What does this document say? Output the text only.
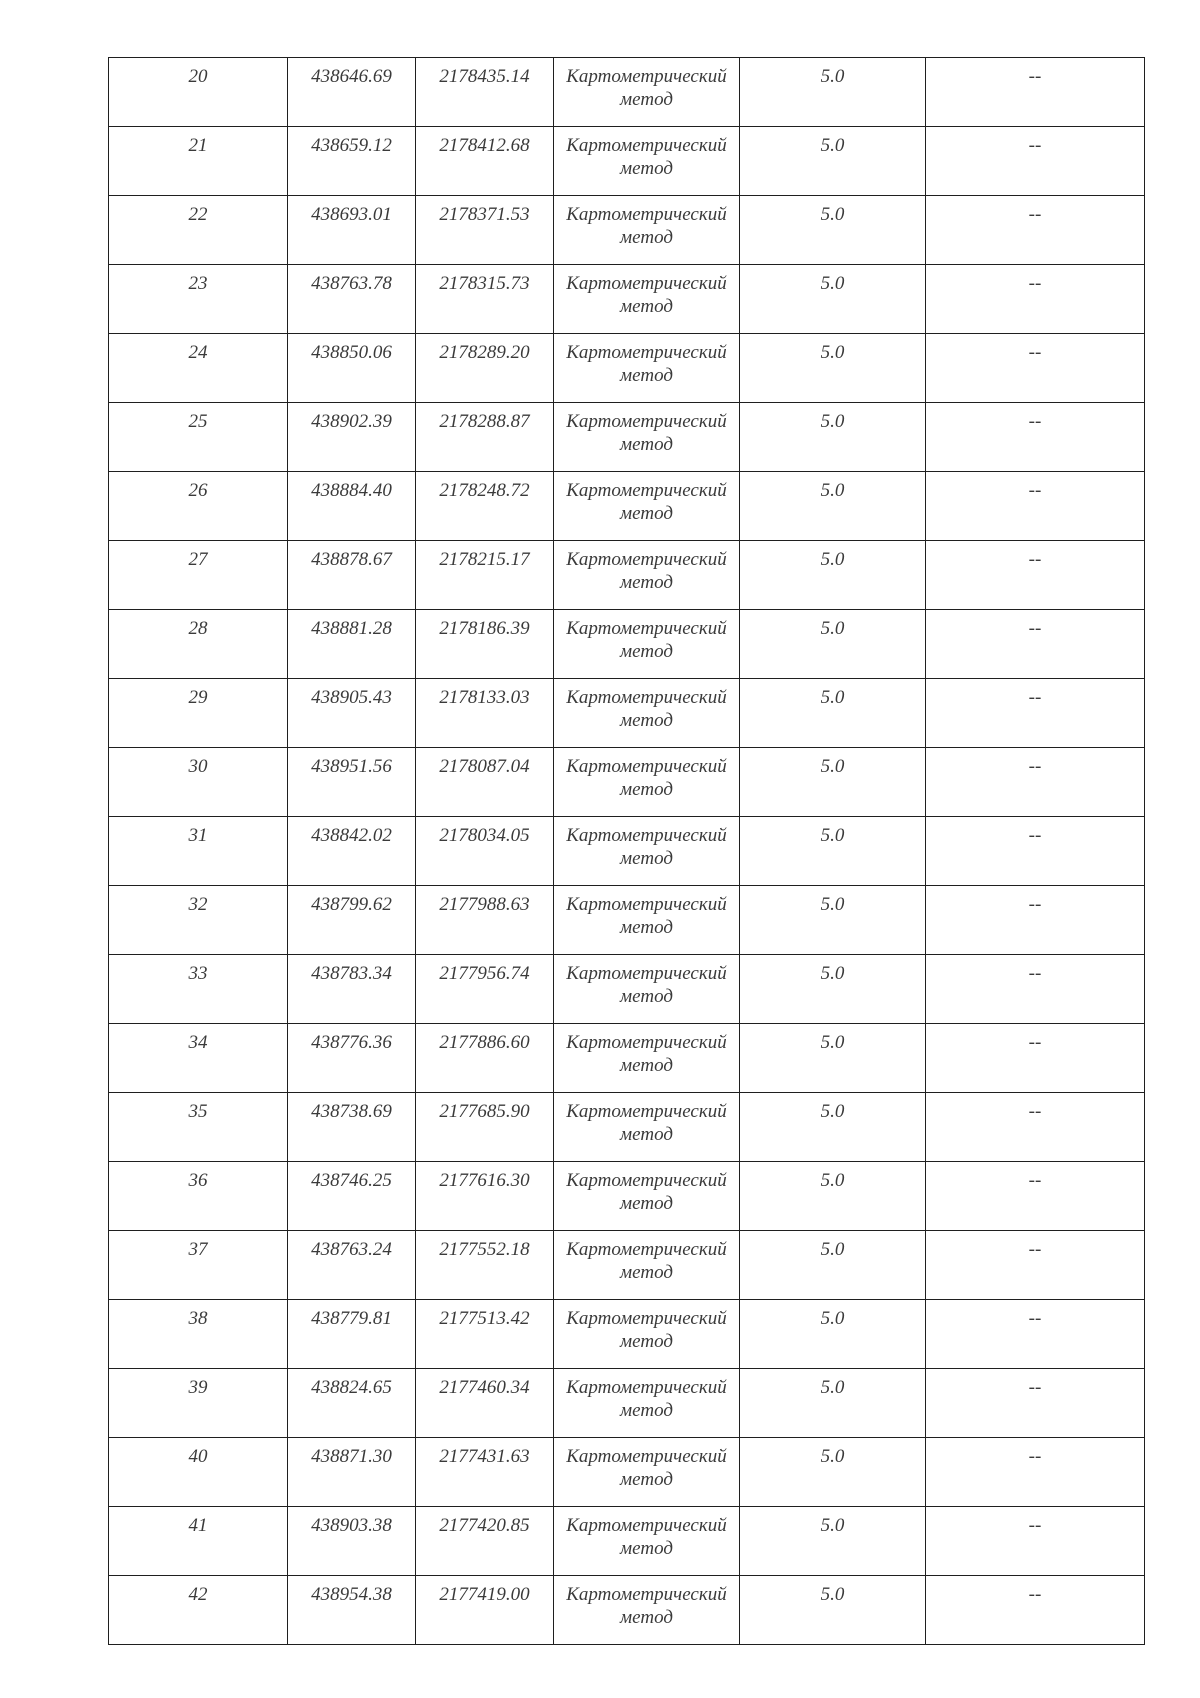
20	438646.69	2178435.14	Картометрический метод	5.0	--

21	438659.12	2178412.68	Картометрический метод	5.0	--

22	438693.01	2178371.53	Картометрический метод	5.0	--

23	438763.78	2178315.73	Картометрический метод	5.0	--

24	438850.06	2178289.20	Картометрический метод	5.0	--

25	438902.39	2178288.87	Картометрический метод	5.0	--

26	438884.40	2178248.72	Картометрический метод	5.0	--

27	438878.67	2178215.17	Картометрический метод	5.0	--

28	438881.28	2178186.39	Картометрический метод	5.0	--

29	438905.43	2178133.03	Картометрический метод	5.0	--

30	438951.56	2178087.04	Картометрический метод	5.0	--

31	438842.02	2178034.05	Картометрический метод	5.0	--

32	438799.62	2177988.63	Картометрический метод	5.0	--

33	438783.34	2177956.74	Картометрический метод	5.0	--

34	438776.36	2177886.60	Картометрический метод	5.0	--

35	438738.69	2177685.90	Картометрический метод	5.0	--

36	438746.25	2177616.30	Картометрический метод	5.0	--

37	438763.24	2177552.18	Картометрический метод	5.0	--

38	438779.81	2177513.42	Картометрический метод	5.0	--

39	438824.65	2177460.34	Картометрический метод	5.0	--

40	438871.30	2177431.63	Картометрический метод	5.0	--

41	438903.38	2177420.85	Картометрический метод	5.0	--

42	438954.38	2177419.00	Картометрический метод	5.0	--
